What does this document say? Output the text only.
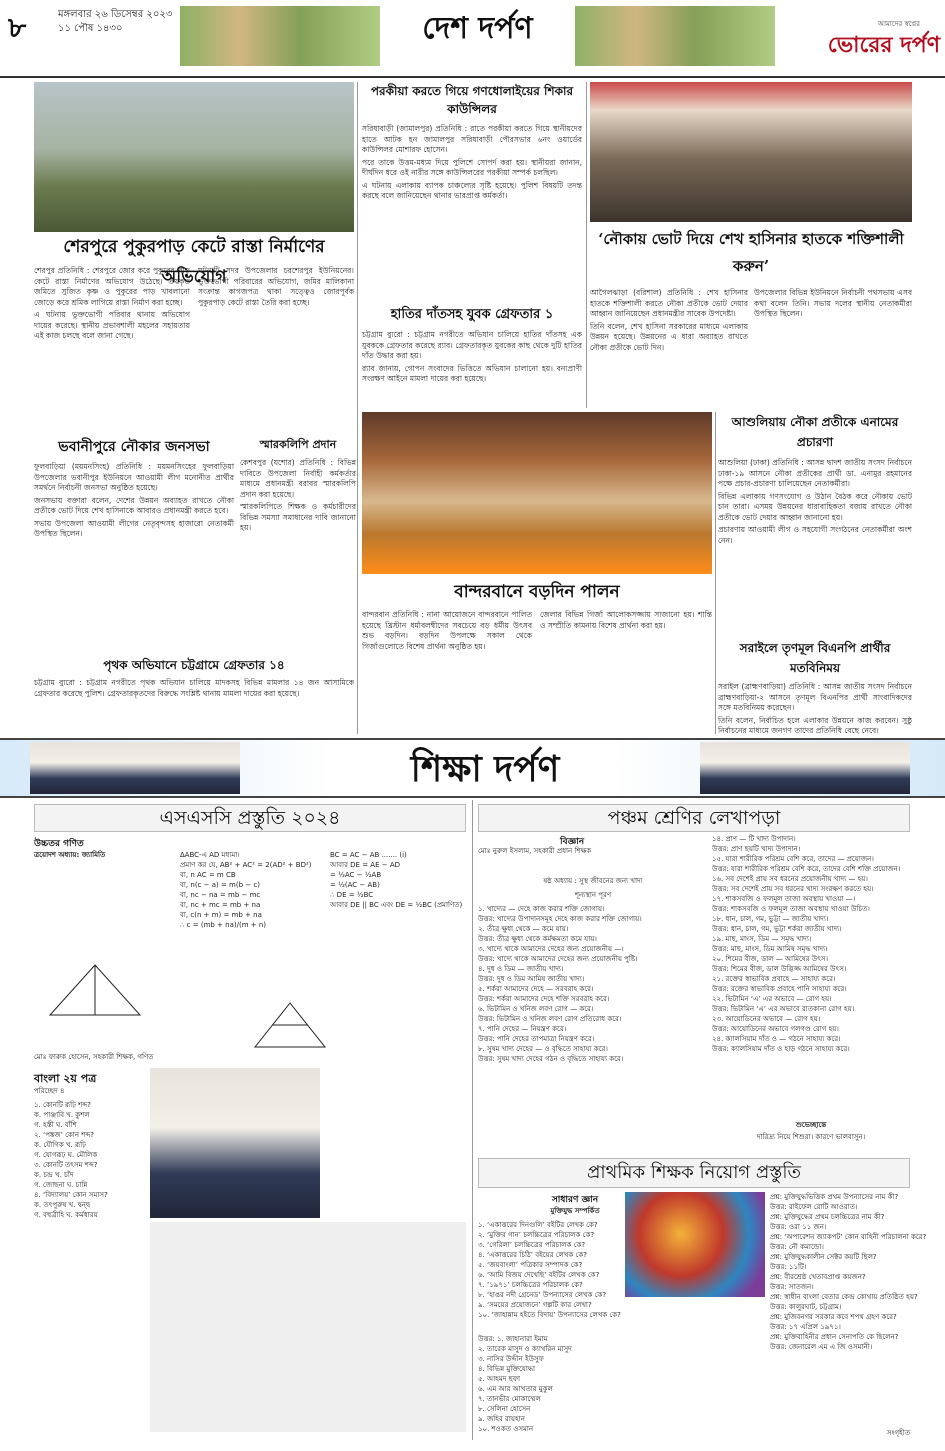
৮	মঙ্গলবার ২৬ ডিসেম্বর ২০২৩
১১ পৌষ ১৪৩০	দেশ দর্পণ	আমাদের স্বপ্নের
ভোরের দর্পণ
শেরপুরে পুকুরপাড় কেটে রাস্তা নির্মাণের অভিযোগ

শেরপুর প্রতিনিধি : শেরপুরে জোর করে পুকুরের পাড় কেটে রাস্তা নির্মাণের অভিযোগ উঠেছে। ক্রয়কৃত জমিতে সুজিত কৃষ্ণ ও পুকুরের পাড় খাবলানো জোড়ে করে শ্রমিক লাগিয়ে রাস্তা নির্মাণ করা হচ্ছে।

এ ঘটনায় ভুক্তভোগী পরিবার থানায় অভিযোগ দায়ের করেছে। স্থানীয় প্রভাবশালী মহলের সহায়তায় এই কাজ চলছে বলে জানা গেছে।

ঘটনাটি সদর উপজেলার চরশেরপুর ইউনিয়নের। ভুক্তভোগী পরিবারের অভিযোগ, জমির মালিকানা সংক্রান্ত কাগজপত্র থাকা সত্ত্বেও জোরপূর্বক পুকুরপাড় কেটে রাস্তা তৈরি করা হচ্ছে।

পরকীয়া করতে গিয়ে গণধোলাইয়ের শিকার কাউন্সিলর

সরিষাবাড়ী (জামালপুর) প্রতিনিধি : রাতে পরকীয়া করতে গিয়ে স্থানীয়দের হাতে আটক হন জামালপুর সরিষাবাড়ী পৌরসভার ৬নং ওয়ার্ডের কাউন্সিলর মোশারফ হোসেন।

পরে তাকে উত্তম-মধ্যম দিয়ে পুলিশে সোপর্দ করা হয়। স্থানীয়রা জানান, দীর্ঘদিন ধরে ওই নারীর সঙ্গে কাউন্সিলরের পরকীয়া সম্পর্ক চলছিল।

এ ঘটনায় এলাকায় ব্যাপক চাঞ্চল্যের সৃষ্টি হয়েছে। পুলিশ বিষয়টি তদন্ত করছে বলে জানিয়েছেন থানার ভারপ্রাপ্ত কর্মকর্তা।

‘নৌকায় ভোট দিয়ে শেখ হাসিনার হাতকে শক্তিশালী করুন’

আগৈলঝাড়া (বরিশাল) প্রতিনিধি : শেখ হাসিনার হাতকে শক্তিশালী করতে নৌকা প্রতীকে ভোট দেয়ার আহ্বান জানিয়েছেন প্রধানমন্ত্রীর সাবেক উপদেষ্টা।

তিনি বলেন, শেখ হাসিনা সরকারের মাধ্যমে এলাকায় উন্নয়ন হয়েছে। উন্নয়নের এ ধারা অব্যাহত রাখতে নৌকা প্রতীকে ভোট দিন।

উপজেলার বিভিন্ন ইউনিয়নে নির্বাচনী পথসভায় এসব কথা বলেন তিনি। সভায় দলের স্থানীয় নেতাকর্মীরা উপস্থিত ছিলেন।

হাতির দাঁতসহ যুবক গ্রেফতার ১

চট্টগ্রাম ব্যুরো : চট্টগ্রাম নগরীতে অভিযান চালিয়ে হাতির দাঁতসহ এক যুবককে গ্রেফতার করেছে র‍্যাব। গ্রেফতারকৃত যুবকের কাছ থেকে দুটি হাতির দাঁত উদ্ধার করা হয়।

র‍্যাব জানায়, গোপন সংবাদের ভিত্তিতে অভিযান চালানো হয়। বন্যপ্রাণী সংরক্ষণ আইনে মামলা দায়ের করা হয়েছে।

আশুলিয়ায় নৌকা প্রতীকে এনামের প্রচারণা

আশুলিয়া (ঢাকা) প্রতিনিধি : আসন্ন দ্বাদশ জাতীয় সংসদ নির্বাচনে ঢাকা-১৯ আসনে নৌকা প্রতীকের প্রার্থী ডা. এনামুর রহমানের পক্ষে প্রচার-প্রচারণা চালিয়েছেন নেতাকর্মীরা।

বিভিন্ন এলাকায় গণসংযোগ ও উঠান বৈঠক করে নৌকায় ভোট চান তারা। এসময় উন্নয়নের ধারাবাহিকতা বজায় রাখতে নৌকা প্রতীকে ভোট দেয়ার আহ্বান জানানো হয়।

প্রচারণায় আওয়ামী লীগ ও সহযোগী সংগঠনের নেতাকর্মীরা অংশ নেন।

ভবানীপুরে নৌকার জনসভা

ফুলবাড়িয়া (ময়মনসিংহ) প্রতিনিধি : ময়মনসিংহের ফুলবাড়িয়া উপজেলার ভবানীপুর ইউনিয়নে আওয়ামী লীগ মনোনীত প্রার্থীর সমর্থনে নির্বাচনী জনসভা অনুষ্ঠিত হয়েছে।

জনসভায় বক্তারা বলেন, দেশের উন্নয়ন অব্যাহত রাখতে নৌকা প্রতীকে ভোট দিয়ে শেখ হাসিনাকে আবারও প্রধানমন্ত্রী করতে হবে।

সভায় উপজেলা আওয়ামী লীগের নেতৃবৃন্দসহ হাজারো নেতাকর্মী উপস্থিত ছিলেন।

স্মারকলিপি প্রদান

কেশবপুর (যশোর) প্রতিনিধি : বিভিন্ন দাবিতে উপজেলা নির্বাহী কর্মকর্তার মাধ্যমে প্রধানমন্ত্রী বরাবর স্মারকলিপি প্রদান করা হয়েছে।

স্মারকলিপিতে শিক্ষক ও কর্মচারীদের বিভিন্ন সমস্যা সমাধানের দাবি জানানো হয়।

বান্দরবানে বড়দিন পালন

বান্দরবান প্রতিনিধি : নানা আয়োজনে বান্দরবানে পালিত হয়েছে খ্রিস্টান ধর্মাবলম্বীদের সবচেয়ে বড় ধর্মীয় উৎসব শুভ বড়দিন। বড়দিন উপলক্ষে সকাল থেকে গির্জাগুলোতে বিশেষ প্রার্থনা অনুষ্ঠিত হয়।

জেলার বিভিন্ন গির্জা আলোকসজ্জায় সাজানো হয়। শান্তি ও সম্প্রীতি কামনায় বিশেষ প্রার্থনা করা হয়।

সরাইলে তৃণমূল বিএনপি প্রার্থীর মতবিনিময়

সরাইল (ব্রাহ্মণবাড়িয়া) প্রতিনিধি : আসন্ন জাতীয় সংসদ নির্বাচনে ব্রাহ্মণবাড়িয়া-২ আসনে তৃণমূল বিএনপির প্রার্থী সাংবাদিকদের সঙ্গে মতবিনিময় করেছেন।

তিনি বলেন, নির্বাচিত হলে এলাকার উন্নয়নে কাজ করবেন। সুষ্ঠু নির্বাচনের মাধ্যমে জনগণ তাদের প্রতিনিধি বেছে নেবে।

পৃথক অভিযানে চট্টগ্রামে গ্রেফতার ১৪

চট্টগ্রাম ব্যুরো : চট্টগ্রাম নগরীতে পৃথক অভিযান চালিয়ে মাদকসহ বিভিন্ন মামলার ১৪ জন আসামিকে গ্রেফতার করেছে পুলিশ। গ্রেফতারকৃতদের বিরুদ্ধে সংশ্লিষ্ট থানায় মামলা দায়ের করা হয়েছে।

শিক্ষা দর্পণ
এসএসসি প্রস্তুতি ২০২৪
উচ্চতর গণিত
ত্রয়োদশ অধ্যায়: জ্যামিতি	∆ABC-এ AD মধ্যমা।
প্রমাণ কর যে, AB² + AC² = 2(AD² + BD²)
বা, n AC = m CB
বা, n(c − a) = m(b − c)
বা, nc − na = mb − mc
বা, nc + mc = mb + na
বা, c(n + m) = mb + na
∴ c = (mb + na)/(m + n)
BC = AC − AB ....... (i)
আবার DE = AE − AD
= ½AC − ½AB
= ½(AC − AB)
∴ DE = ½BC
আবার DE || BC এবং DE = ½BC (প্রমাণিত)
মোঃ ফারুক হোসেন, সহকারী শিক্ষক, গণিত
বাংলা ২য় পত্র
পরিচ্ছেদ ৪
১. কোনটি রূঢ়ি শব্দ?
ক. পাঞ্জাবি খ. কুশল
গ. হস্তী ঘ. বাঁশি
২. ‘পঙ্কজ’ কোন শব্দ?
ক. যৌগিক খ. রূঢ়ি
গ. যোগরূঢ় ঘ. মৌলিক
৩. কোনটি তৎসম শব্দ?
ক. চন্দ্র খ. চাঁদ
গ. জোছনা ঘ. চান্নি
৪. ‘বিদ্যালয়’ কোন সমাস?
ক. তৎপুরুষ খ. দ্বন্দ্ব
গ. বহুব্রীহি ঘ. কর্মধারয়
পঞ্চম শ্রেণির লেখাপড়া
বিজ্ঞান
মোঃ নুরুল ইসলাম, সহকারী প্রধান শিক্ষক
ষষ্ঠ অধ্যায় : সুস্থ জীবনের জন্য খাদ্য
শূন্যস্থান পূরণ
১. খাদ্যের — দেহে কাজ করার শক্তি জোগায়।
উত্তর: খাদ্যের উপাদানসমূহ দেহে কাজ করার শক্তি জোগায়।
২. তীব্র ক্ষুধা থেকে — কমে যায়।
উত্তর: তীব্র ক্ষুধা থেকে কর্মক্ষমতা কমে যায়।
৩. খাদ্যে থাকে আমাদের দেহের জন্য প্রয়োজনীয় —।
উত্তর: খাদ্যে থাকে আমাদের দেহের জন্য প্রয়োজনীয় পুষ্টি।
৪. দুধ ও ডিম — জাতীয় খাদ্য।
উত্তর: দুধ ও ডিম আমিষ জাতীয় খাদ্য।
৫. শর্করা আমাদের দেহে — সরবরাহ করে।
উত্তর: শর্করা আমাদের দেহে শক্তি সরবরাহ করে।
৬. ভিটামিন ও খনিজ লবণ রোগ — করে।
উত্তর: ভিটামিন ও খনিজ লবণ রোগ প্রতিরোধ করে।
৭. পানি দেহের — নিয়ন্ত্রণ করে।
উত্তর: পানি দেহের তাপমাত্রা নিয়ন্ত্রণ করে।
৮. সুষম খাদ্য দেহের — ও বৃদ্ধিতে সাহায্য করে।
উত্তর: সুষম খাদ্য দেহের গঠন ও বৃদ্ধিতে সাহায্য করে।
১৪. প্রাণ — টি খাদ্য উপাদান।
উত্তর: প্রাণ ছয়টি খাদ্য উপাদান।
১৫. যারা শারীরিক পরিশ্রম বেশি করে, তাদের — প্রয়োজন।
উত্তর: যারা শারীরিক পরিশ্রম বেশি করে, তাদের বেশি শক্তি প্রয়োজন।
১৬. সব দেশেই প্রায় সব ধরনের প্রয়োজনীয় খাদ্য — হয়।
উত্তর: সব দেশেই প্রায় সব ধরনের খাদ্য সংরক্ষণ করতে হয়।
১৭. শাকসবজি ও ফলমূল তাজা অবস্থায় খাওয়া —।
উত্তর: শাকসবজি ও ফলমূল তাজা অবস্থায় খাওয়া উচিত।
১৮. ধান, চাল, গম, ভুট্টা — জাতীয় খাদ্য।
উত্তর: ধান, চাল, গম, ভুট্টা শর্করা জাতীয় খাদ্য।
১৯. মাছ, মাংস, ডিম — সমৃদ্ধ খাদ্য।
উত্তর: মাছ, মাংস, ডিম আমিষ সমৃদ্ধ খাদ্য।
২০. শিমের বীজ, ডাল — আমিষের উৎস।
উত্তর: শিমের বীজ, ডাল উদ্ভিজ্জ আমিষের উৎস।
২১. রক্তের স্বাভাবিক প্রবাহে — সাহায্য করে।
উত্তর: রক্তের স্বাভাবিক প্রবাহে পানি সাহায্য করে।
২২. ভিটামিন ‘এ’ এর অভাবে — রোগ হয়।
উত্তর: ভিটামিন ‘এ’ এর অভাবে রাতকানা রোগ হয়।
২৩. আয়োডিনের অভাবে — রোগ হয়।
উত্তর: আয়োডিনের অভাবে গলগণ্ড রোগ হয়।
২৪. ক্যালসিয়াম দাঁত ও — গঠনে সাহায্য করে।
উত্তর: ক্যালসিয়াম দাঁত ও হাড় গঠনে সাহায্য করে।
শুভেচ্ছান্তে
দারিদ্র্য নিয়ে শিশুরা। কারণে ভালবাসুন।
প্রাথমিক শিক্ষক নিয়োগ প্রস্তুতি
সাধারণ জ্ঞান
মুক্তিযুদ্ধ সম্পর্কিত
১. ‘একাত্তরের দিনগুলি’ বইটির লেখক কে?
২. ‘মুক্তির গান’ চলচ্চিত্রের পরিচালক কে?
৩. ‘গেরিলা’ চলচ্চিত্রের পরিচালক কে?
৪. ‘একাত্তরের চিঠি’ বইয়ের লেখক কে?
৫. ‘জয়বাংলা’ পত্রিকার সম্পাদক কে?
৬. ‘আমি বিজয় দেখেছি’ বইটির লেখক কে?
৭. ‘১৯৭১’ চলচ্চিত্রের পরিচালক কে?
৮. ‘হাঙর নদী গ্রেনেড’ উপন্যাসের লেখক কে?
৯. ‘সময়ের প্রয়োজনে’ গল্পটি কার লেখা?
১০. ‘জাহান্নাম হইতে বিদায়’ উপন্যাসের লেখক কে?
উত্তর: ১. জাহানারা ইমাম
২. তারেক মাসুদ ও ক্যাথরিন মাসুদ
৩. নাসির উদ্দীন ইউসুফ
৪. বিভিন্ন মুক্তিযোদ্ধা
৫. আহমদ ছফা
৬. এম আর আখতার মুকুল
৭. তানভীর মোকাম্মেল
৮. সেলিনা হোসেন
৯. জহির রায়হান
১০. শওকত ওসমান
প্রশ্ন: মুক্তিযুদ্ধভিত্তিক প্রথম উপন্যাসের নাম কী?
উত্তর: রাইফেল রোটি আওরাত।
প্রশ্ন: মুক্তিযুদ্ধের প্রথম চলচ্চিত্রের নাম কী?
উত্তর: ওরা ১১ জন।
প্রশ্ন: ‘অপারেশন জ্যাকপট’ কোন বাহিনী পরিচালনা করে?
উত্তর: নৌ কমান্ডো।
প্রশ্ন: মুক্তিযুদ্ধকালীন সেক্টর কয়টি ছিল?
উত্তর: ১১টি।
প্রশ্ন: বীরশ্রেষ্ঠ খেতাবপ্রাপ্ত কয়জন?
উত্তর: সাতজন।
প্রশ্ন: স্বাধীন বাংলা বেতার কেন্দ্র কোথায় প্রতিষ্ঠিত হয়?
উত্তর: কালুরঘাট, চট্টগ্রাম।
প্রশ্ন: মুজিবনগর সরকার কবে শপথ গ্রহণ করে?
উত্তর: ১৭ এপ্রিল ১৯৭১।
প্রশ্ন: মুক্তিবাহিনীর প্রধান সেনাপতি কে ছিলেন?
উত্তর: জেনারেল এম এ জি ওসমানী।
সংগৃহীত
